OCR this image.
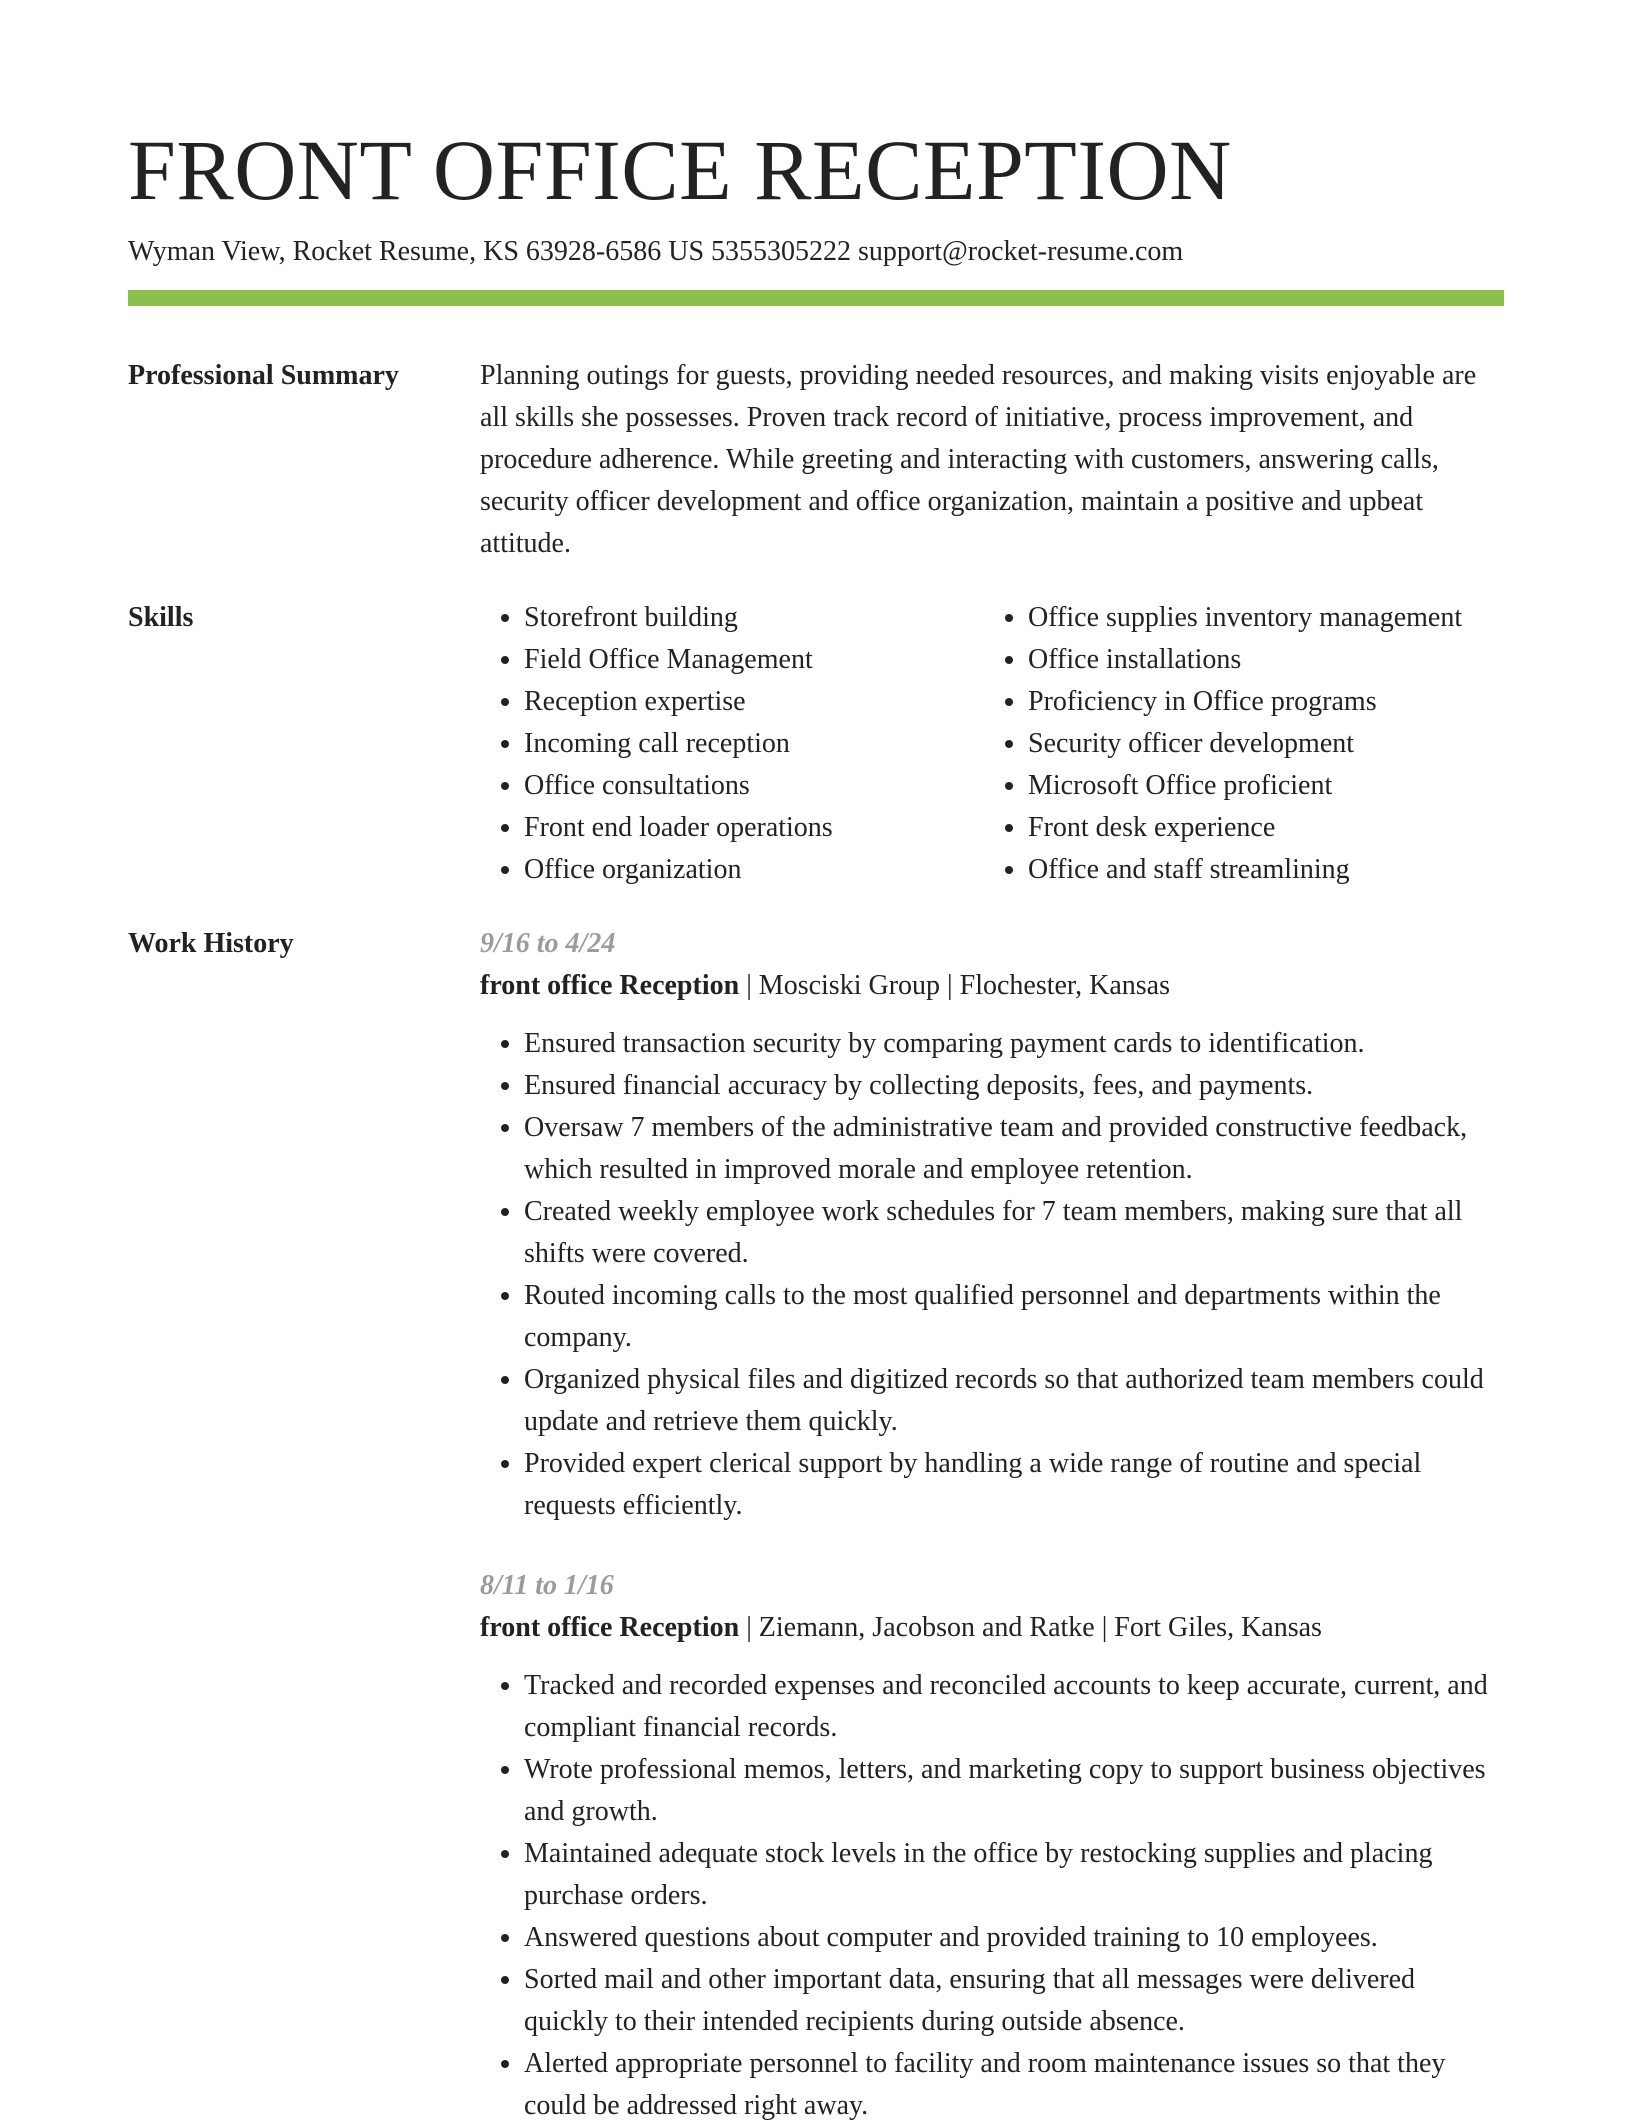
FRONT OFFICE RECEPTION
Wyman View, Rocket Resume, KS 63928-6586 US 5355305222 support@rocket-resume.com
Professional Summary	Planning outings for guests, providing needed resources, and making visits enjoyable are all skills she possesses. Proven track record of initiative, process improvement, and procedure adherence. While greeting and interacting with customers, answering calls, security officer development and office organization, maintain a positive and upbeat attitude.

Skills
•	Storefront building
• Field Office Management
• Reception expertise
• Incoming call reception
• Office consultations
• Front end loader operations
• Office organization
• Office supplies inventory management
• Office installations
• Proficiency in Office programs
• Security officer development
• Microsoft Office proficient
• Front desk experience
• Office and staff streamlining
Work History	9/16 to 4/24
front office Reception | Mosciski Group | Flochester, Kansas
• Ensured transaction security by comparing payment cards to identification.
• Ensured financial accuracy by collecting deposits, fees, and payments.
• Oversaw 7 members of the administrative team and provided constructive feedback, which resulted in improved morale and employee retention.
• Created weekly employee work schedules for 7 team members, making sure that all shifts were covered.
• Routed incoming calls to the most qualified personnel and departments within the company.
• Organized physical files and digitized records so that authorized team members could update and retrieve them quickly.
• Provided expert clerical support by handling a wide range of routine and special requests efficiently.
8/11 to 1/16
front office Reception | Ziemann, Jacobson and Ratke | Fort Giles, Kansas
• Tracked and recorded expenses and reconciled accounts to keep accurate, current, and compliant financial records.
• Wrote professional memos, letters, and marketing copy to support business objectives and growth.
• Maintained adequate stock levels in the office by restocking supplies and placing purchase orders.
• Answered questions about computer and provided training to 10 employees.
• Sorted mail and other important data, ensuring that all messages were delivered quickly to their intended recipients during outside absence.
• Alerted appropriate personnel to facility and room maintenance issues so that they could be addressed right away.
